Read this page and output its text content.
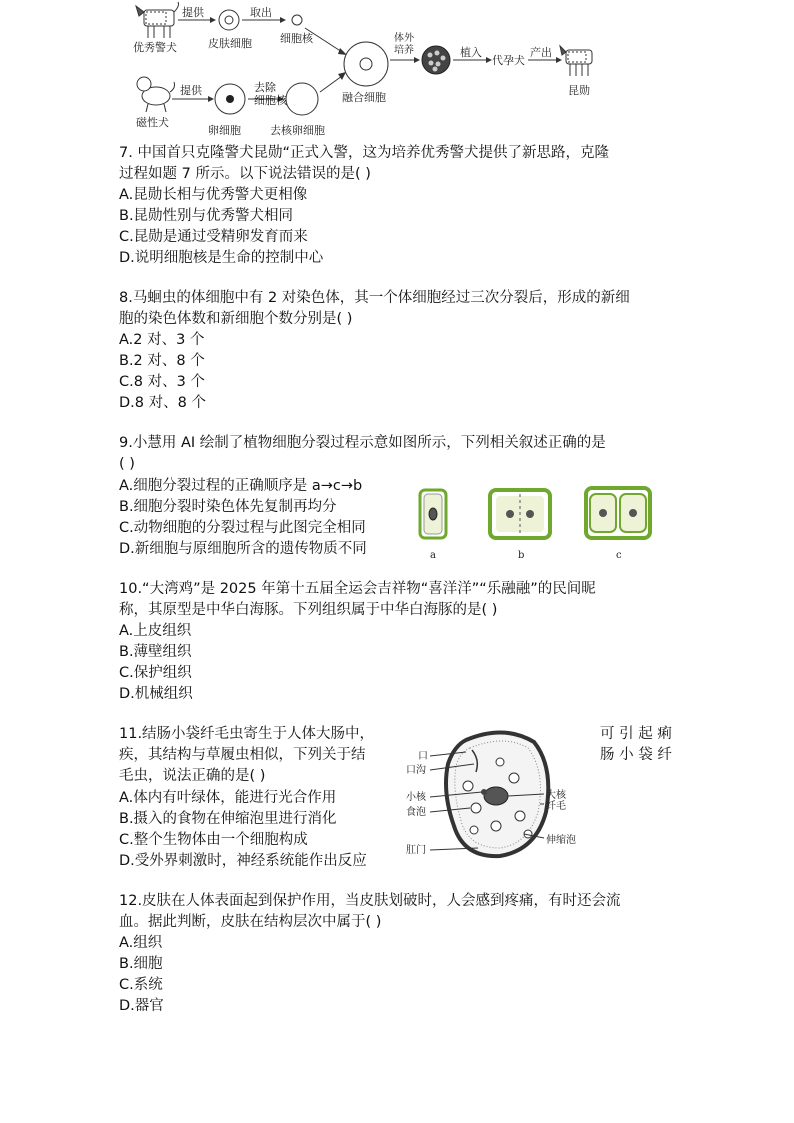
优秀警犬
提供
皮肤细胞
取出
细胞核
磁性犬
提供
卵细胞	去核卵细胞
融合细胞
体外
培养	植入
代孕犬
产出
昆勋
去除
细胞核
7. 中国首只克隆警犬昆勋“正式入警，这为培养优秀警犬提供了新思路，克隆
过程如题 7 所示。以下说法错误的是( )
A.昆勋长相与优秀警犬更相像
B.昆勋性别与优秀警犬相同
C.昆勋是通过受精卵发育而来
D.说明细胞核是生命的控制中心
8.马蛔虫的体细胞中有 2 对染色体，其一个体细胞经过三次分裂后，形成的新细
胞的染色体数和新细胞个数分别是( )
A.2 对、3 个
B.2 对、8 个
C.8 对、3 个
D.8 对、8 个
9.小慧用 AI 绘制了植物细胞分裂过程示意如图所示，下列相关叙述正确的是
( )
A.细胞分裂过程的正确顺序是 a→c→b
B.细胞分裂时染色体先复制再均分
C.动物细胞的分裂过程与此图完全相同
D.新细胞与原细胞所含的遗传物质不同	a	b	c
10.“大湾鸡”是 2025 年第十五届全运会吉祥物“喜洋洋”“乐融融”的民间昵
称，其原型是中华白海豚。下列组织属于中华白海豚的是( )
A.上皮组织
B.薄壁组织
C.保护组织
D.机械组织
11.结肠小袋纤毛虫寄生于人体大肠中，	可 引 起 痢
疾，其结构与草履虫相似，下列关于结	肠 小 袋 纤
毛虫，说法正确的是( )
A.体内有叶绿体，能进行光合作用
B.摄入的食物在伸缩泡里进行消化
C.整个生物体由一个细胞构成
D.受外界刺激时，神经系统能作出反应
口
口沟
小核
食泡
肛门
大核
纤毛
伸缩泡
12.皮肤在人体表面起到保护作用，当皮肤划破时，人会感到疼痛，有时还会流
血。据此判断，皮肤在结构层次中属于( )
A.组织
B.细胞
C.系统
D.器官
